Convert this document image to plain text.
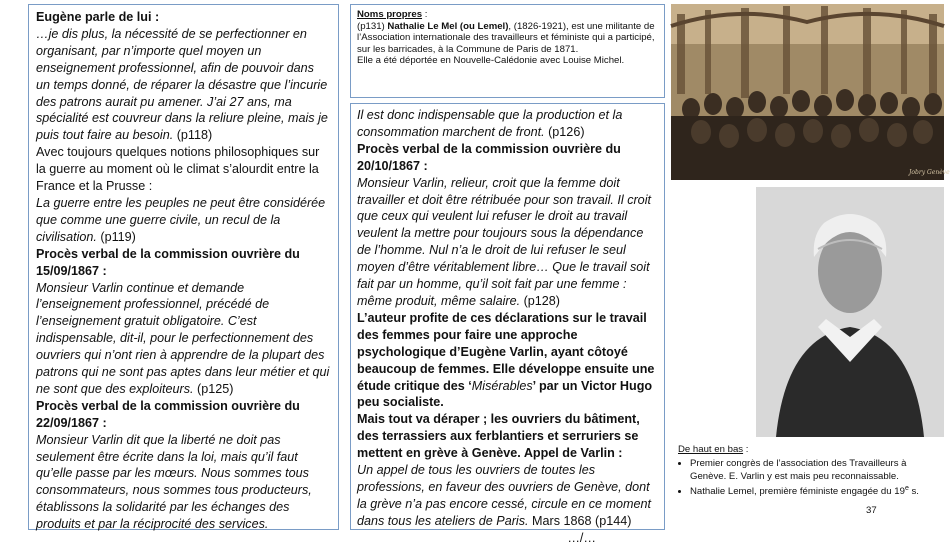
Eugène parle de lui :

…je dis plus, la nécessité de se perfectionner en organisant, par n’importe quel moyen un enseignement professionnel, afin de pouvoir dans un temps donné, de réparer la désastre que l’incurie des patrons aurait pu amener. J’ai 27 ans, ma spécialité est couvreur dans la reliure pleine, mais je puis tout faire au besoin. (p118)

Avec toujours quelques notions philosophiques sur la guerre au moment où le climat s’alourdit entre la France et la Prusse :

La guerre entre les peuples ne peut être considérée que comme une guerre civile, un recul de la civilisation. (p119)

Procès verbal de la commission ouvrière du 15/09/1867 :

Monsieur Varlin continue et demande l’enseignement professionnel, précédé de l’enseignement gratuit obligatoire. C’est indispensable, dit-il, pour le perfectionnement des ouvriers qui n’ont rien à apprendre de la plupart des patrons qui ne sont pas aptes dans leur métier et qui ne sont que des exploiteurs. (p125)

Procès verbal de la commission ouvrière du 22/09/1867 :

Monsieur Varlin dit que la liberté ne doit pas seulement être écrite dans la loi, mais qu’il faut qu’elle passe par les mœurs. Nous sommes tous consommateurs, nous sommes tous producteurs, établissons la solidarité par les échanges des produits et par la réciprocité des services.

Noms propres :

(p131) Nathalie Le Mel (ou Lemel), (1826-1921), est une militante de l’Association internationale des travailleurs et féministe qui a participé, sur les barricades, à la Commune de Paris de 1871.

Elle a été déportée en Nouvelle-Calédonie avec Louise Michel.

Il est donc indispensable que la production et la consommation marchent de front. (p126)

Procès verbal de la commission ouvrière du 20/10/1867 :

Monsieur Varlin, relieur, croit que la femme doit travailler et doit être rétribuée pour son travail. Il croit que ceux qui veulent lui refuser le droit au travail veulent la mettre pour toujours sous la dépendance de l’homme. Nul n’a le droit de lui refuser le seul moyen d’être véritablement libre… Que le travail soit fait par un homme, qu’il soit fait par une femme : même produit, même salaire. (p128)

L’auteur profite de ces déclarations sur le travail des femmes pour faire une approche psychologique d’Eugène Varlin, ayant côtoyé beaucoup de femmes. Elle développe ensuite une étude critique des ‘Misérables’ par un Victor Hugo peu socialiste.

Mais tout va déraper ; les ouvriers du bâtiment, des terrassiers aux ferblantiers et serruriers se mettent en grève à Genève. Appel de Varlin :

Un appel de tous les ouvriers de toutes les professions, en faveur des ouvriers de Genève, dont la grève n’a pas encore cessé, circule en ce moment dans tous les ateliers de Paris. Mars 1868 (p144)

…/…

Jobry Genève

De haut en bas :

• Premier congrès de l’association des Travailleurs à Genève. E. Varlin y est mais peu reconnaissable.
• Nathalie Lemel, première féministe engagée du 19e s.
37
